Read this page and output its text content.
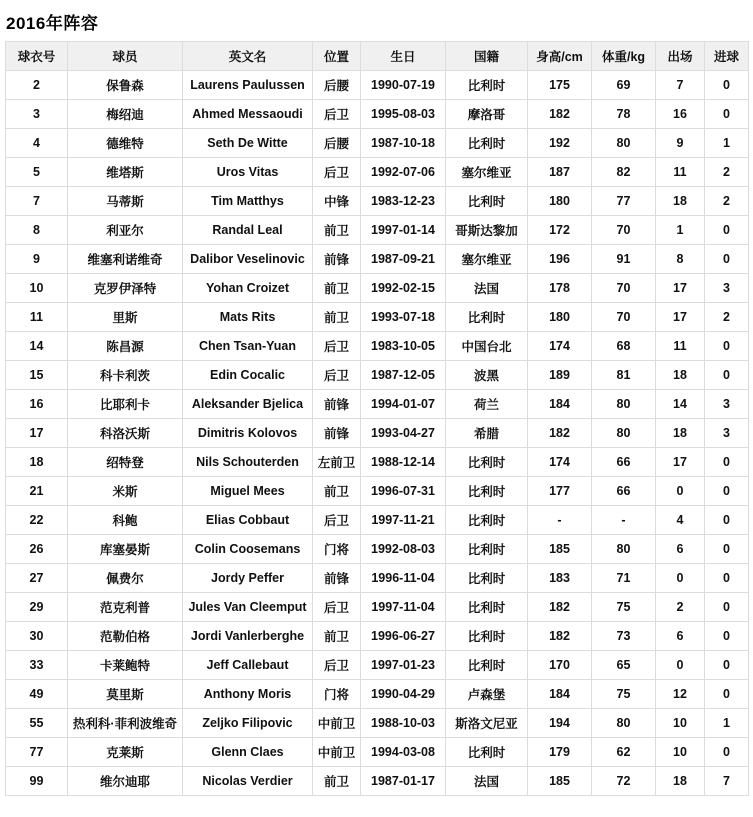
2016年阵容
球衣号	球员	英文名	位置	生日	国籍	身高/cm	体重/kg	出场	进球
2	保鲁森	Laurens Paulussen	后腰	1990-07-19	比利时	175	69	7	0
3	梅绍迪	Ahmed Messaoudi	后卫	1995-08-03	摩洛哥	182	78	16	0
4	德维特	Seth De Witte	后腰	1987-10-18	比利时	192	80	9	1
5	维塔斯	Uros Vitas	后卫	1992-07-06	塞尔维亚	187	82	11	2
7	马蒂斯	Tim Matthys	中锋	1983-12-23	比利时	180	77	18	2
8	利亚尔	Randal Leal	前卫	1997-01-14	哥斯达黎加	172	70	1	0
9	维塞利诺维奇	Dalibor Veselinovic	前锋	1987-09-21	塞尔维亚	196	91	8	0
10	克罗伊泽特	Yohan Croizet	前卫	1992-02-15	法国	178	70	17	3
11	里斯	Mats Rits	前卫	1993-07-18	比利时	180	70	17	2
14	陈昌源	Chen Tsan-Yuan	后卫	1983-10-05	中国台北	174	68	11	0
15	科卡利茨	Edin Cocalic	后卫	1987-12-05	波黑	189	81	18	0
16	比耶利卡	Aleksander Bjelica	前锋	1994-01-07	荷兰	184	80	14	3
17	科洛沃斯	Dimitris Kolovos	前锋	1993-04-27	希腊	182	80	18	3
18	绍特登	Nils Schouterden	左前卫	1988-12-14	比利时	174	66	17	0
21	米斯	Miguel Mees	前卫	1996-07-31	比利时	177	66	0	0
22	科鲍	Elias Cobbaut	后卫	1997-11-21	比利时	-	-	4	0
26	库塞晏斯	Colin Coosemans	门将	1992-08-03	比利时	185	80	6	0
27	佩费尔	Jordy Peffer	前锋	1996-11-04	比利时	183	71	0	0
29	范克利普	Jules Van Cleemput	后卫	1997-11-04	比利时	182	75	2	0
30	范勒伯格	Jordi Vanlerberghe	前卫	1996-06-27	比利时	182	73	6	0
33	卡莱鲍特	Jeff Callebaut	后卫	1997-01-23	比利时	170	65	0	0
49	莫里斯	Anthony Moris	门将	1990-04-29	卢森堡	184	75	12	0
55	热利科·菲利波维奇	Zeljko Filipovic	中前卫	1988-10-03	斯洛文尼亚	194	80	10	1
77	克莱斯	Glenn Claes	中前卫	1994-03-08	比利时	179	62	10	0
99	维尔迪耶	Nicolas Verdier	前卫	1987-01-17	法国	185	72	18	7
